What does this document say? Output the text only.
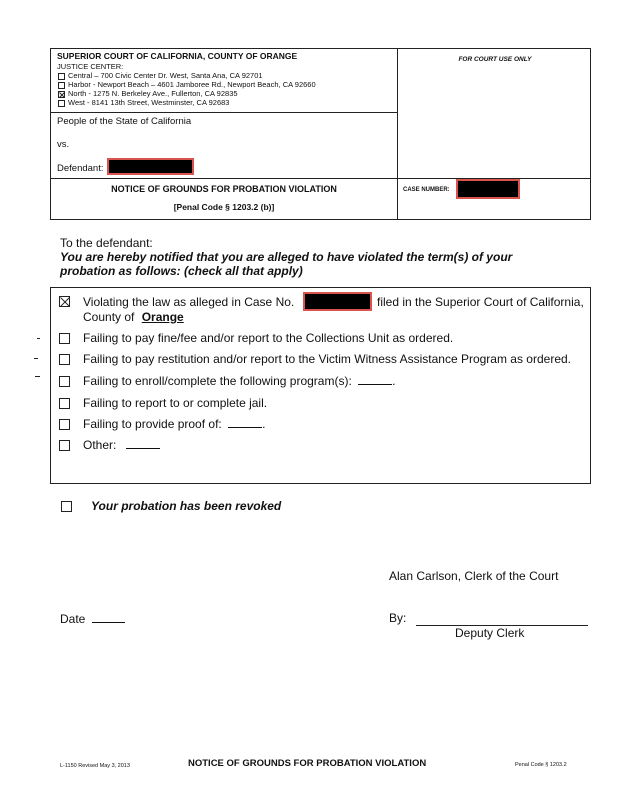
SUPERIOR COURT OF CALIFORNIA, COUNTY OF ORANGE
JUSTICE CENTER:
Central – 700 Civic Center Dr. West, Santa Ana, CA 92701
Harbor - Newport Beach – 4601 Jamboree Rd., Newport Beach, CA 92660
North - 1275 N. Berkeley Ave., Fullerton, CA 92835
West - 8141 13th Street, Westminster, CA 92683
FOR COURT USE ONLY
People of the State of California
vs.
Defendant:
NOTICE OF GROUNDS FOR PROBATION VIOLATION
[Penal Code § 1203.2 (b)]
CASE NUMBER:
To the defendant:
You are hereby notified that you are alleged to have violated the term(s) of your
probation as follows: (check all that apply)
Violating the law as alleged in Case No.	filed in the Superior Court of California,
County of Orange
Failing to pay fine/fee and/or report to the Collections Unit as ordered.
Failing to pay restitution and/or report to the Victim Witness Assistance Program as ordered.
Failing to enroll/complete the following program(s):	.
Failing to report to or complete jail.
Failing to provide proof of:	.
Other:
Your probation has been revoked
Alan Carlson, Clerk of the Court
Date	By:
Deputy Clerk
L-1150 Revised May 3, 2013	NOTICE OF GROUNDS FOR PROBATION VIOLATION	Penal Code § 1203.2
